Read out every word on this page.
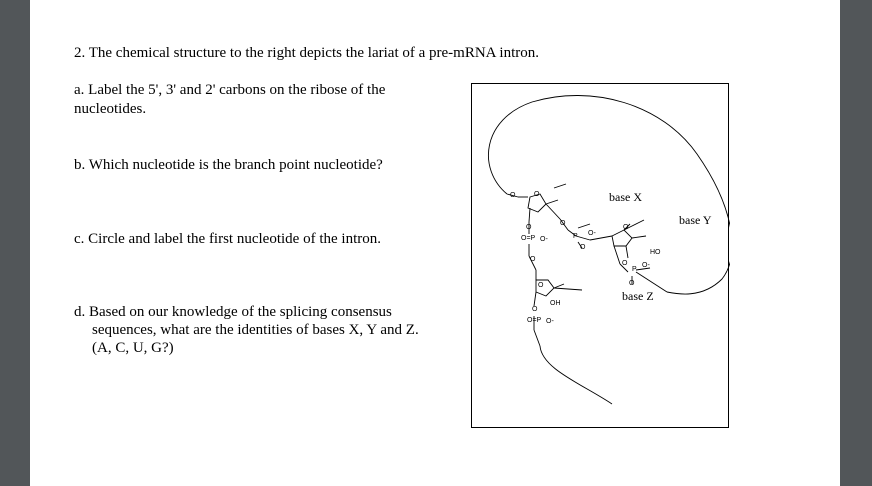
2. The chemical structure to the right depicts the lariat of a pre-mRNA intron.
a. Label the 5', 3' and 2' carbons on the ribose of the
nucleotides.
b. Which nucleotide is the branch point nucleotide?
c. Circle and label the first nucleotide of the intron.
d. Based on our knowledge of the splicing consensus
sequences, what are the identities of bases X, Y and Z.
(A, C, U, G?)
base X
base Y
base Z
O	O
O
O=P O-
O
O
O-
P
O
O
HO
O
P
O-
O
O
OH
O
O=P O-
